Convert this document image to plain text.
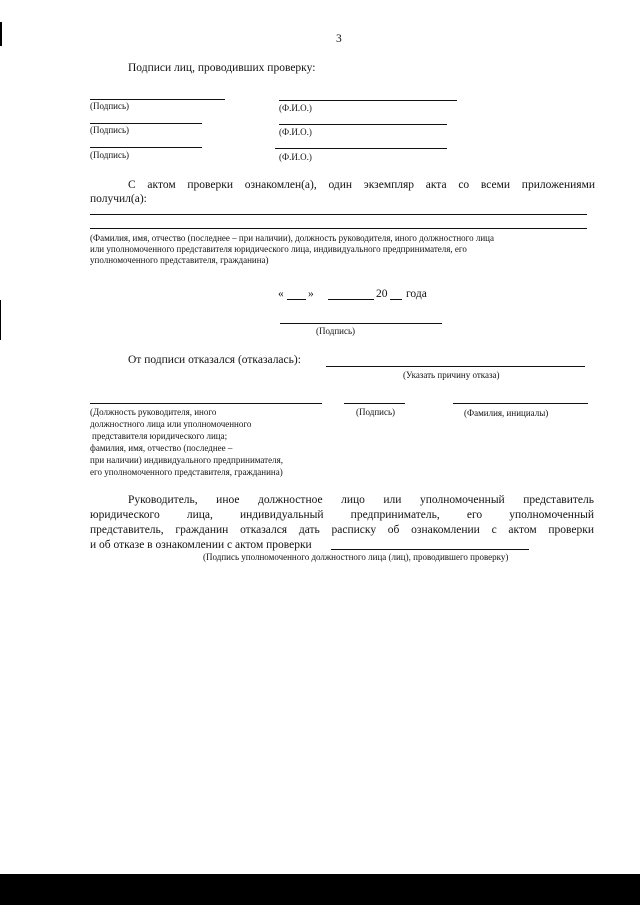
3
Подписи лиц, проводивших проверку:
(Подпись)	(Ф.И.О.)
(Подпись)	(Ф.И.О.)
(Подпись)	(Ф.И.О.)
С актом проверки ознакомлен(а), один экземпляр акта со всеми приложениями
получил(а):
(Фамилия, имя, отчество (последнее – при наличии), должность руководителя, иного должностного лица
или уполномоченного представителя юридического лица, индивидуального предпринимателя, его
уполномоченного представителя, гражданина)
« »	20 года
(Подпись)
От подписи отказался (отказалась):
(Указать причину отказа)
(Должность руководителя, иного
должностного лица или уполномоченного
представителя юридического лица;
фамилия, имя, отчество (последнее –
при наличии) индивидуального предпринимателя,
его уполномоченного представителя, гражданина)
(Подпись)	(Фамилия, инициалы)
Руководитель, иное должностное лицо или уполномоченный представитель
юридического лица, индивидуальный предприниматель, его уполномоченный
представитель, гражданин отказался дать расписку об ознакомлении с актом проверки
и об отказе в ознакомлении с актом проверки
(Подпись уполномоченного должностного лица (лиц), проводившего проверку)
